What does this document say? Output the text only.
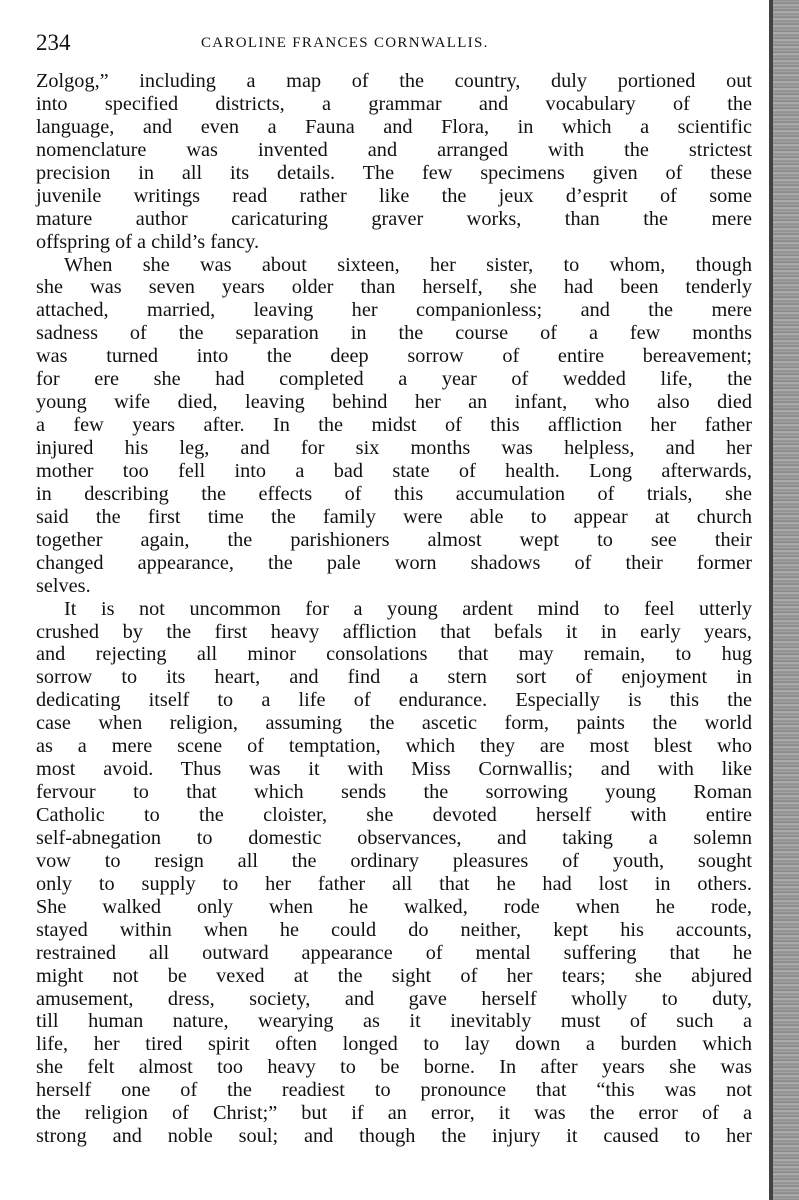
234	CAROLINE FRANCES CORNWALLIS.
Zolgog,” including a map of the country, duly portioned out
into specified districts, a grammar and vocabulary of the
language, and even a Fauna and Flora, in which a scientific
nomenclature was invented and arranged with the strictest
precision in all its details. The few specimens given of these
juvenile writings read rather like the jeux d’esprit of some
mature author caricaturing graver works, than the mere
offspring of a child’s fancy.
When she was about sixteen, her sister, to whom, though
she was seven years older than herself, she had been tenderly
attached, married, leaving her companionless; and the mere
sadness of the separation in the course of a few months
was turned into the deep sorrow of entire bereavement;
for ere she had completed a year of wedded life, the
young wife died, leaving behind her an infant, who also died
a few years after. In the midst of this affliction her father
injured his leg, and for six months was helpless, and her
mother too fell into a bad state of health. Long afterwards,
in describing the effects of this accumulation of trials, she
said the first time the family were able to appear at church
together again, the parishioners almost wept to see their
changed appearance, the pale worn shadows of their former
selves.
It is not uncommon for a young ardent mind to feel utterly
crushed by the first heavy affliction that befals it in early years,
and rejecting all minor consolations that may remain, to hug
sorrow to its heart, and find a stern sort of enjoyment in
dedicating itself to a life of endurance. Especially is this the
case when religion, assuming the ascetic form, paints the world
as a mere scene of temptation, which they are most blest who
most avoid. Thus was it with Miss Cornwallis; and with like
fervour to that which sends the sorrowing young Roman
Catholic to the cloister, she devoted herself with entire
self-abnegation to domestic observances, and taking a solemn
vow to resign all the ordinary pleasures of youth, sought
only to supply to her father all that he had lost in others.
She walked only when he walked, rode when he rode,
stayed within when he could do neither, kept his accounts,
restrained all outward appearance of mental suffering that he
might not be vexed at the sight of her tears; she abjured
amusement, dress, society, and gave herself wholly to duty,
till human nature, wearying as it inevitably must of such a
life, her tired spirit often longed to lay down a burden which
she felt almost too heavy to be borne. In after years she was
herself one of the readiest to pronounce that “this was not
the religion of Christ;” but if an error, it was the error of a
strong and noble soul; and though the injury it caused to her
